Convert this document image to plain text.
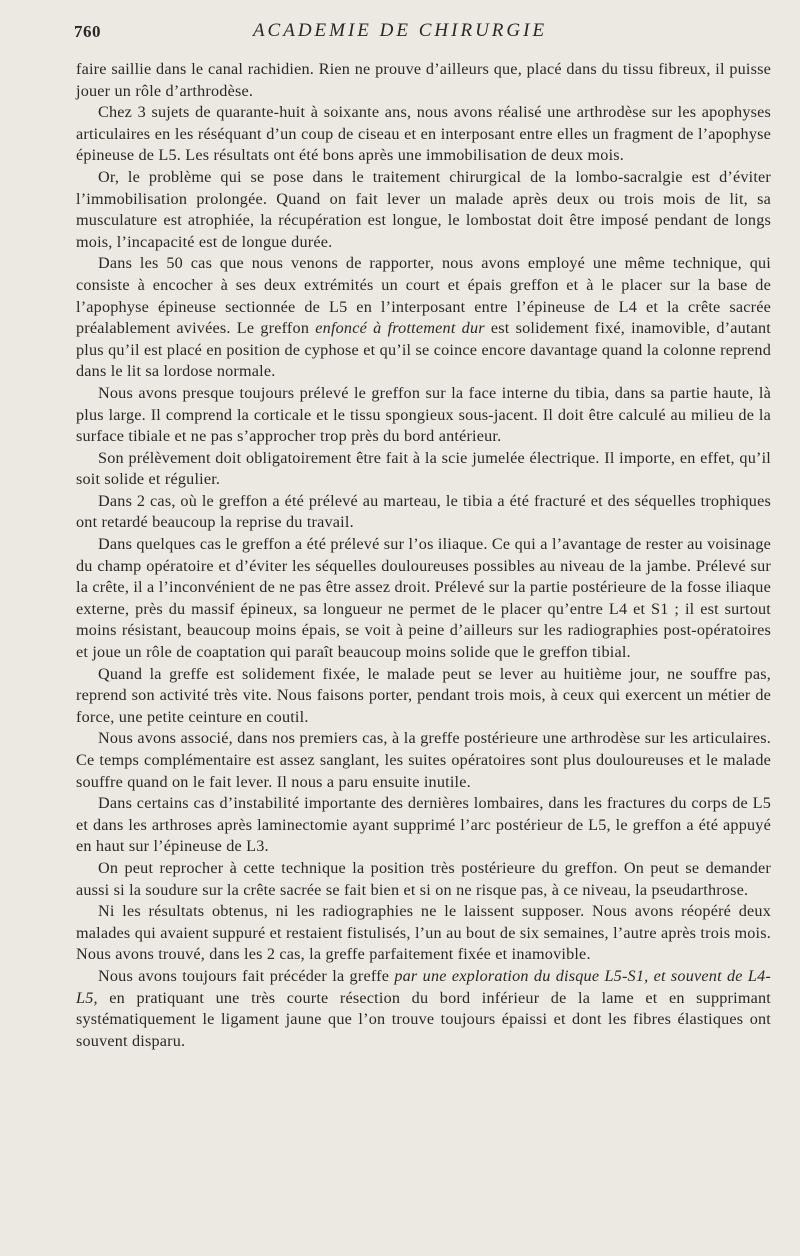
760	ACADEMIE DE CHIRURGIE

faire saillie dans le canal rachidien. Rien ne prouve d’ailleurs que, placé dans du tissu fibreux, il puisse jouer un rôle d’arthrodèse.

Chez 3 sujets de quarante-huit à soixante ans, nous avons réalisé une arthrodèse sur les apophyses articulaires en les réséquant d’un coup de ciseau et en interposant entre elles un fragment de l’apophyse épineuse de L5. Les résultats ont été bons après une immobilisation de deux mois.

Or, le problème qui se pose dans le traitement chirurgical de la lombo-sacralgie est d’éviter l’immobilisation prolongée. Quand on fait lever un malade après deux ou trois mois de lit, sa musculature est atrophiée, la récupération est longue, le lombostat doit être imposé pendant de longs mois, l’incapacité est de longue durée.

Dans les 50 cas que nous venons de rapporter, nous avons employé une même technique, qui consiste à encocher à ses deux extrémités un court et épais greffon et à le placer sur la base de l’apophyse épineuse sectionnée de L5 en l’interposant entre l’épineuse de L4 et la crête sacrée préalablement avivées. Le greffon enfoncé à frottement dur est solidement fixé, inamovible, d’autant plus qu’il est placé en position de cyphose et qu’il se coince encore davantage quand la colonne reprend dans le lit sa lordose normale.

Nous avons presque toujours prélevé le greffon sur la face interne du tibia, dans sa partie haute, là plus large. Il comprend la corticale et le tissu spongieux sous-jacent. Il doit être calculé au milieu de la surface tibiale et ne pas s’approcher trop près du bord antérieur.

Son prélèvement doit obligatoirement être fait à la scie jumelée électrique. Il importe, en effet, qu’il soit solide et régulier.

Dans 2 cas, où le greffon a été prélevé au marteau, le tibia a été fracturé et des séquelles trophiques ont retardé beaucoup la reprise du travail.

Dans quelques cas le greffon a été prélevé sur l’os iliaque. Ce qui a l’avantage de rester au voisinage du champ opératoire et d’éviter les séquelles douloureuses possibles au niveau de la jambe. Prélevé sur la crête, il a l’inconvénient de ne pas être assez droit. Prélevé sur la partie postérieure de la fosse iliaque externe, près du massif épineux, sa longueur ne permet de le placer qu’entre L4 et S1 ; il est surtout moins résistant, beaucoup moins épais, se voit à peine d’ailleurs sur les radiographies post-opératoires et joue un rôle de coaptation qui paraît beaucoup moins solide que le greffon tibial.

Quand la greffe est solidement fixée, le malade peut se lever au huitième jour, ne souffre pas, reprend son activité très vite. Nous faisons porter, pendant trois mois, à ceux qui exercent un métier de force, une petite ceinture en coutil.

Nous avons associé, dans nos premiers cas, à la greffe postérieure une arthrodèse sur les articulaires. Ce temps complémentaire est assez sanglant, les suites opératoires sont plus douloureuses et le malade souffre quand on le fait lever. Il nous a paru ensuite inutile.

Dans certains cas d’instabilité importante des dernières lombaires, dans les fractures du corps de L5 et dans les arthroses après laminectomie ayant supprimé l’arc postérieur de L5, le greffon a été appuyé en haut sur l’épineuse de L3.

On peut reprocher à cette technique la position très postérieure du greffon. On peut se demander aussi si la soudure sur la crête sacrée se fait bien et si on ne risque pas, à ce niveau, la pseudarthrose.

Ni les résultats obtenus, ni les radiographies ne le laissent supposer. Nous avons réopéré deux malades qui avaient suppuré et restaient fistulisés, l’un au bout de six semaines, l’autre après trois mois. Nous avons trouvé, dans les 2 cas, la greffe parfaitement fixée et inamovible.

Nous avons toujours fait précéder la greffe par une exploration du disque L5-S1, et souvent de L4-L5, en pratiquant une très courte résection du bord inférieur de la lame et en supprimant systématiquement le ligament jaune que l’on trouve toujours épaissi et dont les fibres élastiques ont souvent disparu.
